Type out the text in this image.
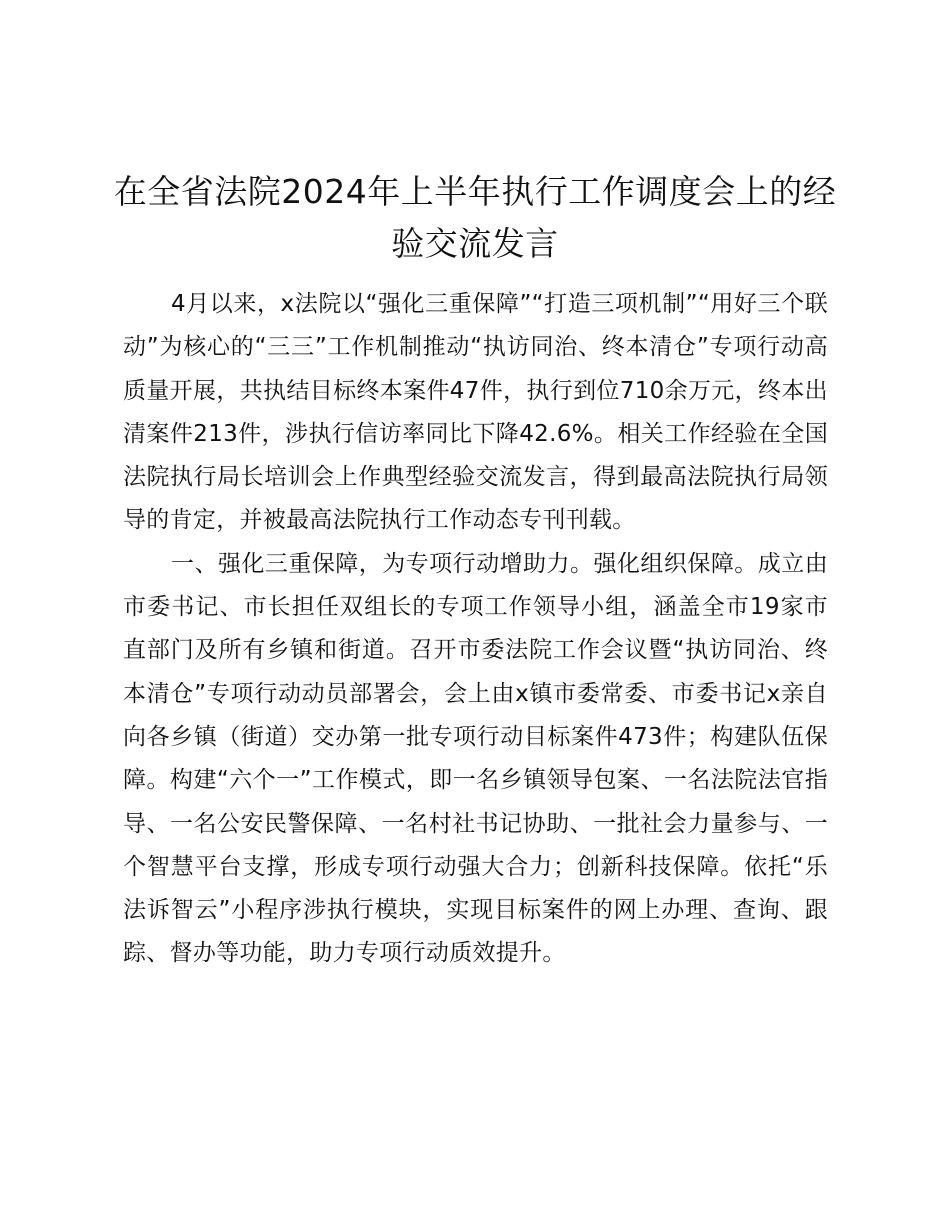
在全省法院2024年上半年执行工作调度会上的经验交流发言

4月以来，x法院以“强化三重保障”“打造三项机制”“用好三个联动”为核心的“三三”工作机制推动“执访同治、终本清仓”专项行动高质量开展，共执结目标终本案件47件，执行到位710余万元，终本出清案件213件，涉执行信访率同比下降42.6%。相关工作经验在全国法院执行局长培训会上作典型经验交流发言，得到最高法院执行局领导的肯定，并被最高法院执行工作动态专刊刊载。

一、强化三重保障，为专项行动增助力。强化组织保障。成立由市委书记、市长担任双组长的专项工作领导小组，涵盖全市19家市直部门及所有乡镇和街道。召开市委法院工作会议暨“执访同治、终本清仓”专项行动动员部署会，会上由x镇市委常委、市委书记x亲自向各乡镇（街道）交办第一批专项行动目标案件473件；构建队伍保障。构建“六个一”工作模式，即一名乡镇领导包案、一名法院法官指导、一名公安民警保障、一名村社书记协助、一批社会力量参与、一个智慧平台支撑，形成专项行动强大合力；创新科技保障。依托“乐法诉智云”小程序涉执行模块，实现目标案件的网上办理、查询、跟踪、督办等功能，助力专项行动质效提升。
